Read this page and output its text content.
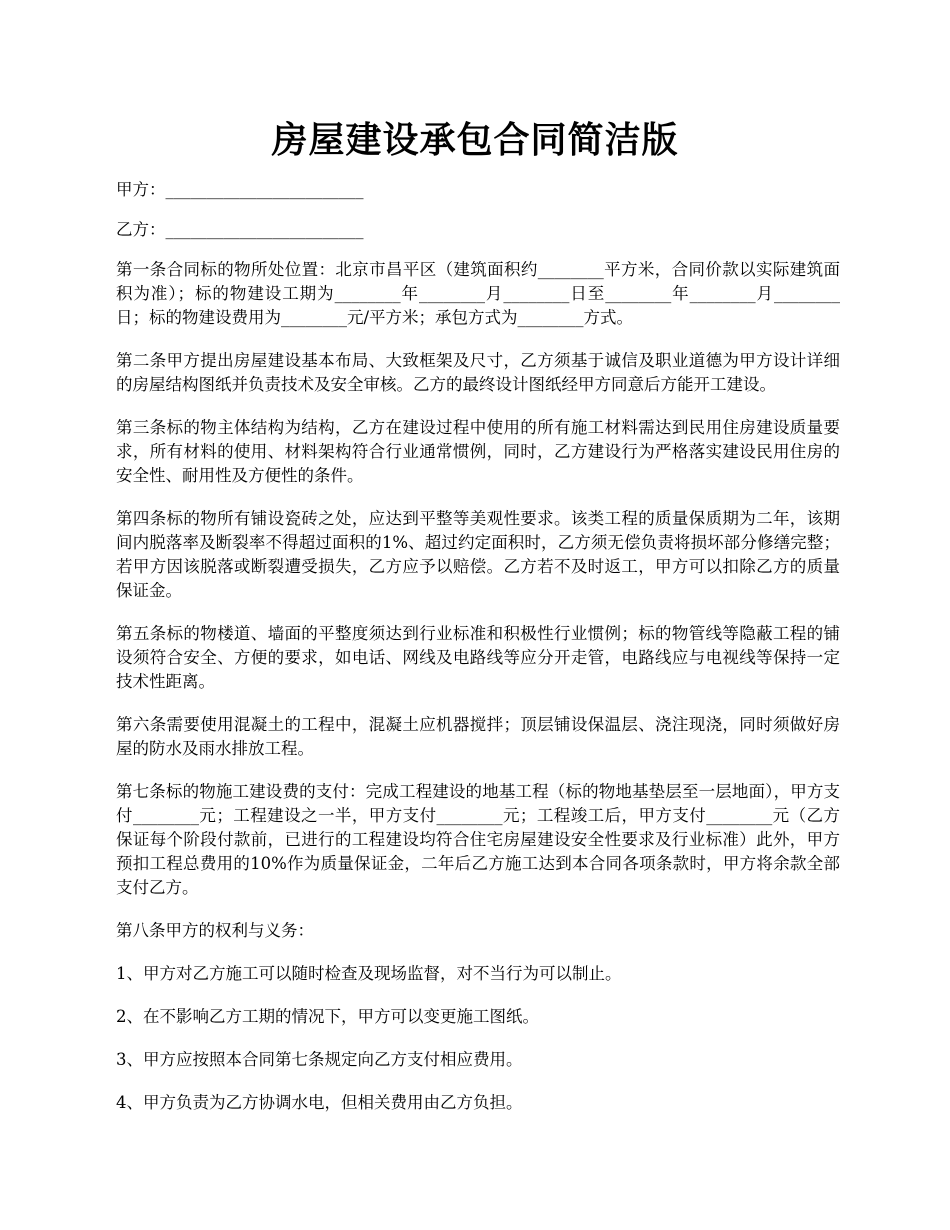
房屋建设承包合同简洁版

甲方：________________________

乙方：________________________

第一条合同标的物所处位置：北京市昌平区（建筑面积约________平方米，合同价款以实际建筑面积为准）；标的物建设工期为________年________月________日至________年________月________日；标的物建设费用为________元/平方米；承包方式为________方式。

第二条甲方提出房屋建设基本布局、大致框架及尺寸，乙方须基于诚信及职业道德为甲方设计详细的房屋结构图纸并负责技术及安全审核。乙方的最终设计图纸经甲方同意后方能开工建设。

第三条标的物主体结构为结构，乙方在建设过程中使用的所有施工材料需达到民用住房建设质量要求，所有材料的使用、材料架构符合行业通常惯例，同时，乙方建设行为严格落实建设民用住房的安全性、耐用性及方便性的条件。

第四条标的物所有铺设瓷砖之处，应达到平整等美观性要求。该类工程的质量保质期为二年，该期间内脱落率及断裂率不得超过面积的1%、超过约定面积时，乙方须无偿负责将损坏部分修缮完整；若甲方因该脱落或断裂遭受损失，乙方应予以赔偿。乙方若不及时返工，甲方可以扣除乙方的质量保证金。

第五条标的物楼道、墙面的平整度须达到行业标准和积极性行业惯例；标的物管线等隐蔽工程的铺设须符合安全、方便的要求，如电话、网线及电路线等应分开走管，电路线应与电视线等保持一定技术性距离。

第六条需要使用混凝土的工程中，混凝土应机器搅拌；顶层铺设保温层、浇注现浇，同时须做好房屋的防水及雨水排放工程。

第七条标的物施工建设费的支付：完成工程建设的地基工程（标的物地基垫层至一层地面），甲方支付________元；工程建设之一半，甲方支付________元；工程竣工后，甲方支付________元（乙方保证每个阶段付款前，已进行的工程建设均符合住宅房屋建设安全性要求及行业标准）此外，甲方预扣工程总费用的10%作为质量保证金，二年后乙方施工达到本合同各项条款时，甲方将余款全部支付乙方。

第八条甲方的权利与义务：

1、甲方对乙方施工可以随时检查及现场监督，对不当行为可以制止。

2、在不影响乙方工期的情况下，甲方可以变更施工图纸。

3、甲方应按照本合同第七条规定向乙方支付相应费用。

4、甲方负责为乙方协调水电，但相关费用由乙方负担。
